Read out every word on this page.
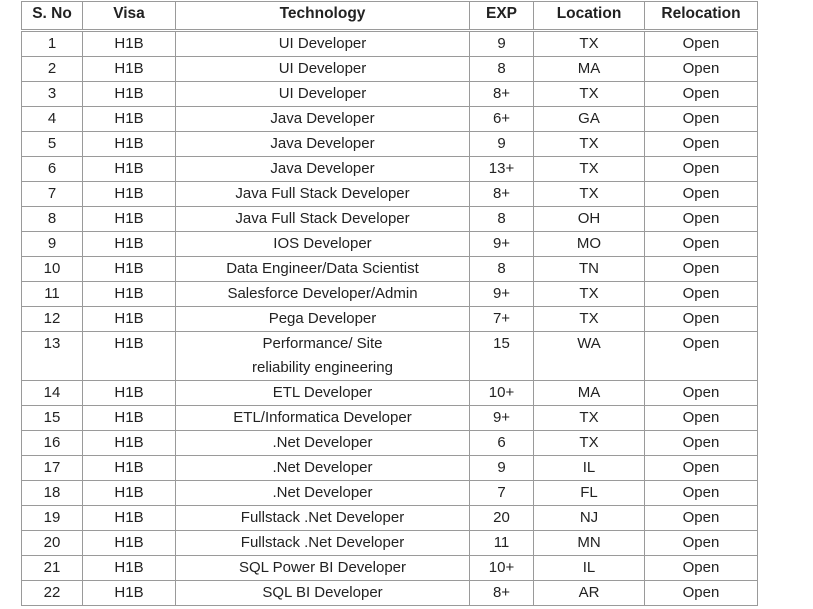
S. No	Visa	Technology	EXP	Location	Relocation
1	H1B	UI Developer	9	TX	Open
2	H1B	UI Developer	8	MA	Open
3	H1B	UI Developer	8+	TX	Open
4	H1B	Java Developer	6+	GA	Open
5	H1B	Java Developer	9	TX	Open
6	H1B	Java Developer	13+	TX	Open
7	H1B	Java Full Stack Developer	8+	TX	Open
8	H1B	Java Full Stack Developer	8	OH	Open
9	H1B	IOS Developer	9+	MO	Open
10	H1B	Data Engineer/Data Scientist	8	TN	Open
11	H1B	Salesforce Developer/Admin	9+	TX	Open
12	H1B	Pega Developer	7+	TX	Open
13	H1B	Performance/ Site reliability engineering	15	WA	Open
14	H1B	ETL Developer	10+	MA	Open
15	H1B	ETL/Informatica Developer	9+	TX	Open
16	H1B	.Net Developer	6	TX	Open
17	H1B	.Net Developer	9	IL	Open
18	H1B	.Net Developer	7	FL	Open
19	H1B	Fullstack .Net Developer	20	NJ	Open
20	H1B	Fullstack .Net Developer	11	MN	Open
21	H1B	SQL Power BI Developer	10+	IL	Open
22	H1B	SQL BI Developer	8+	AR	Open
